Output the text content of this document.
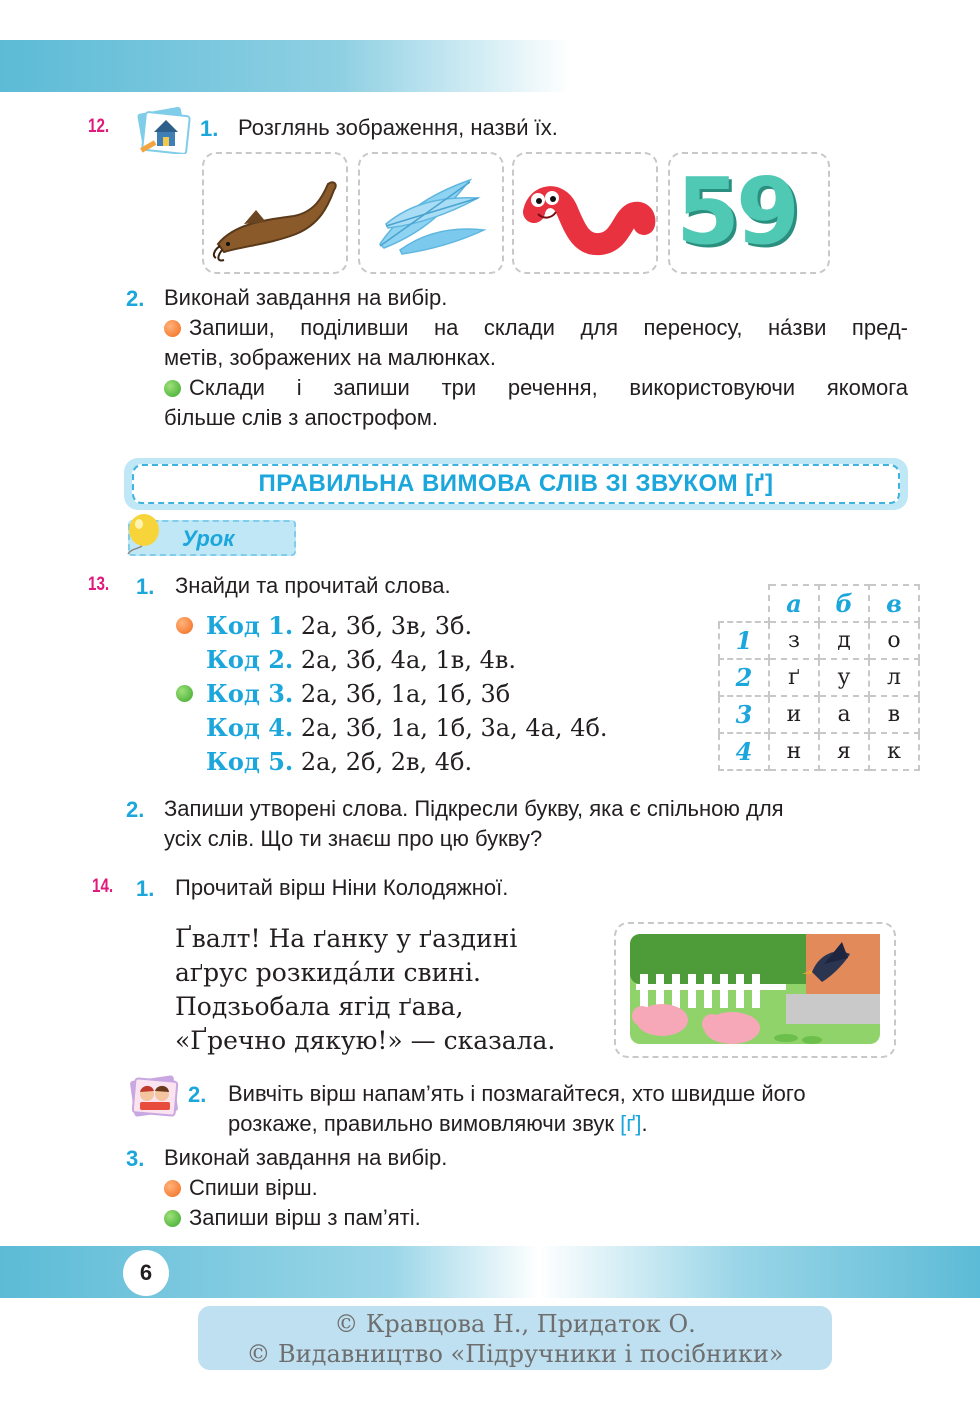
12.	1. Розглянь зображення, назви́ їх.
59
2. Виконай завдання на вибір.
Запиши, поділивши на склади для переносу, на́зви пред-
метів, зображених на малюнках.
Склади і запиши три речення, використовуючи якомога
більше слів з апострофом.
ПРАВИЛЬНА ВИМОВА СЛІВ ЗІ ЗВУКОМ [ґ]
Урок
13. 1. Знайди та прочитай слова.
Код 1. 2а, 3б, 3в, 3б.
Код 2. 2а, 3б, 4а, 1в, 4в.
Код 3. 2а, 3б, 1а, 1б, 3б
Код 4. 2а, 3б, 1а, 1б, 3а, 4а, 4б.
Код 5. 2а, 2б, 2в, 4б.
	а	б	в
1	з	д	о
2	ґ	у	л
3	и	а	в
4	н	я	к
2. Запиши утворені слова. Підкресли букву, яка є спільною для
усіх слів. Що ти знаєш про цю букву?
14. 1. Прочитай вірш Ніни Колодяжної.
Ґвалт! На ґанку у ґаздині
аґрус розкида́ли свині.
Подзьобала ягід ґава,
«Ґречно дякую!» — сказала.
2. Вивчіть вірш напам’ять і позмагайтеся, хто швидше його
розкаже, правильно вимовляючи звук [ґ].
3. Виконай завдання на вибір.
Спиши вірш.
Запиши вірш з пам’яті.
6
© Кравцова Н., Придаток О.
© Видавництво «Підручники і посібники»
